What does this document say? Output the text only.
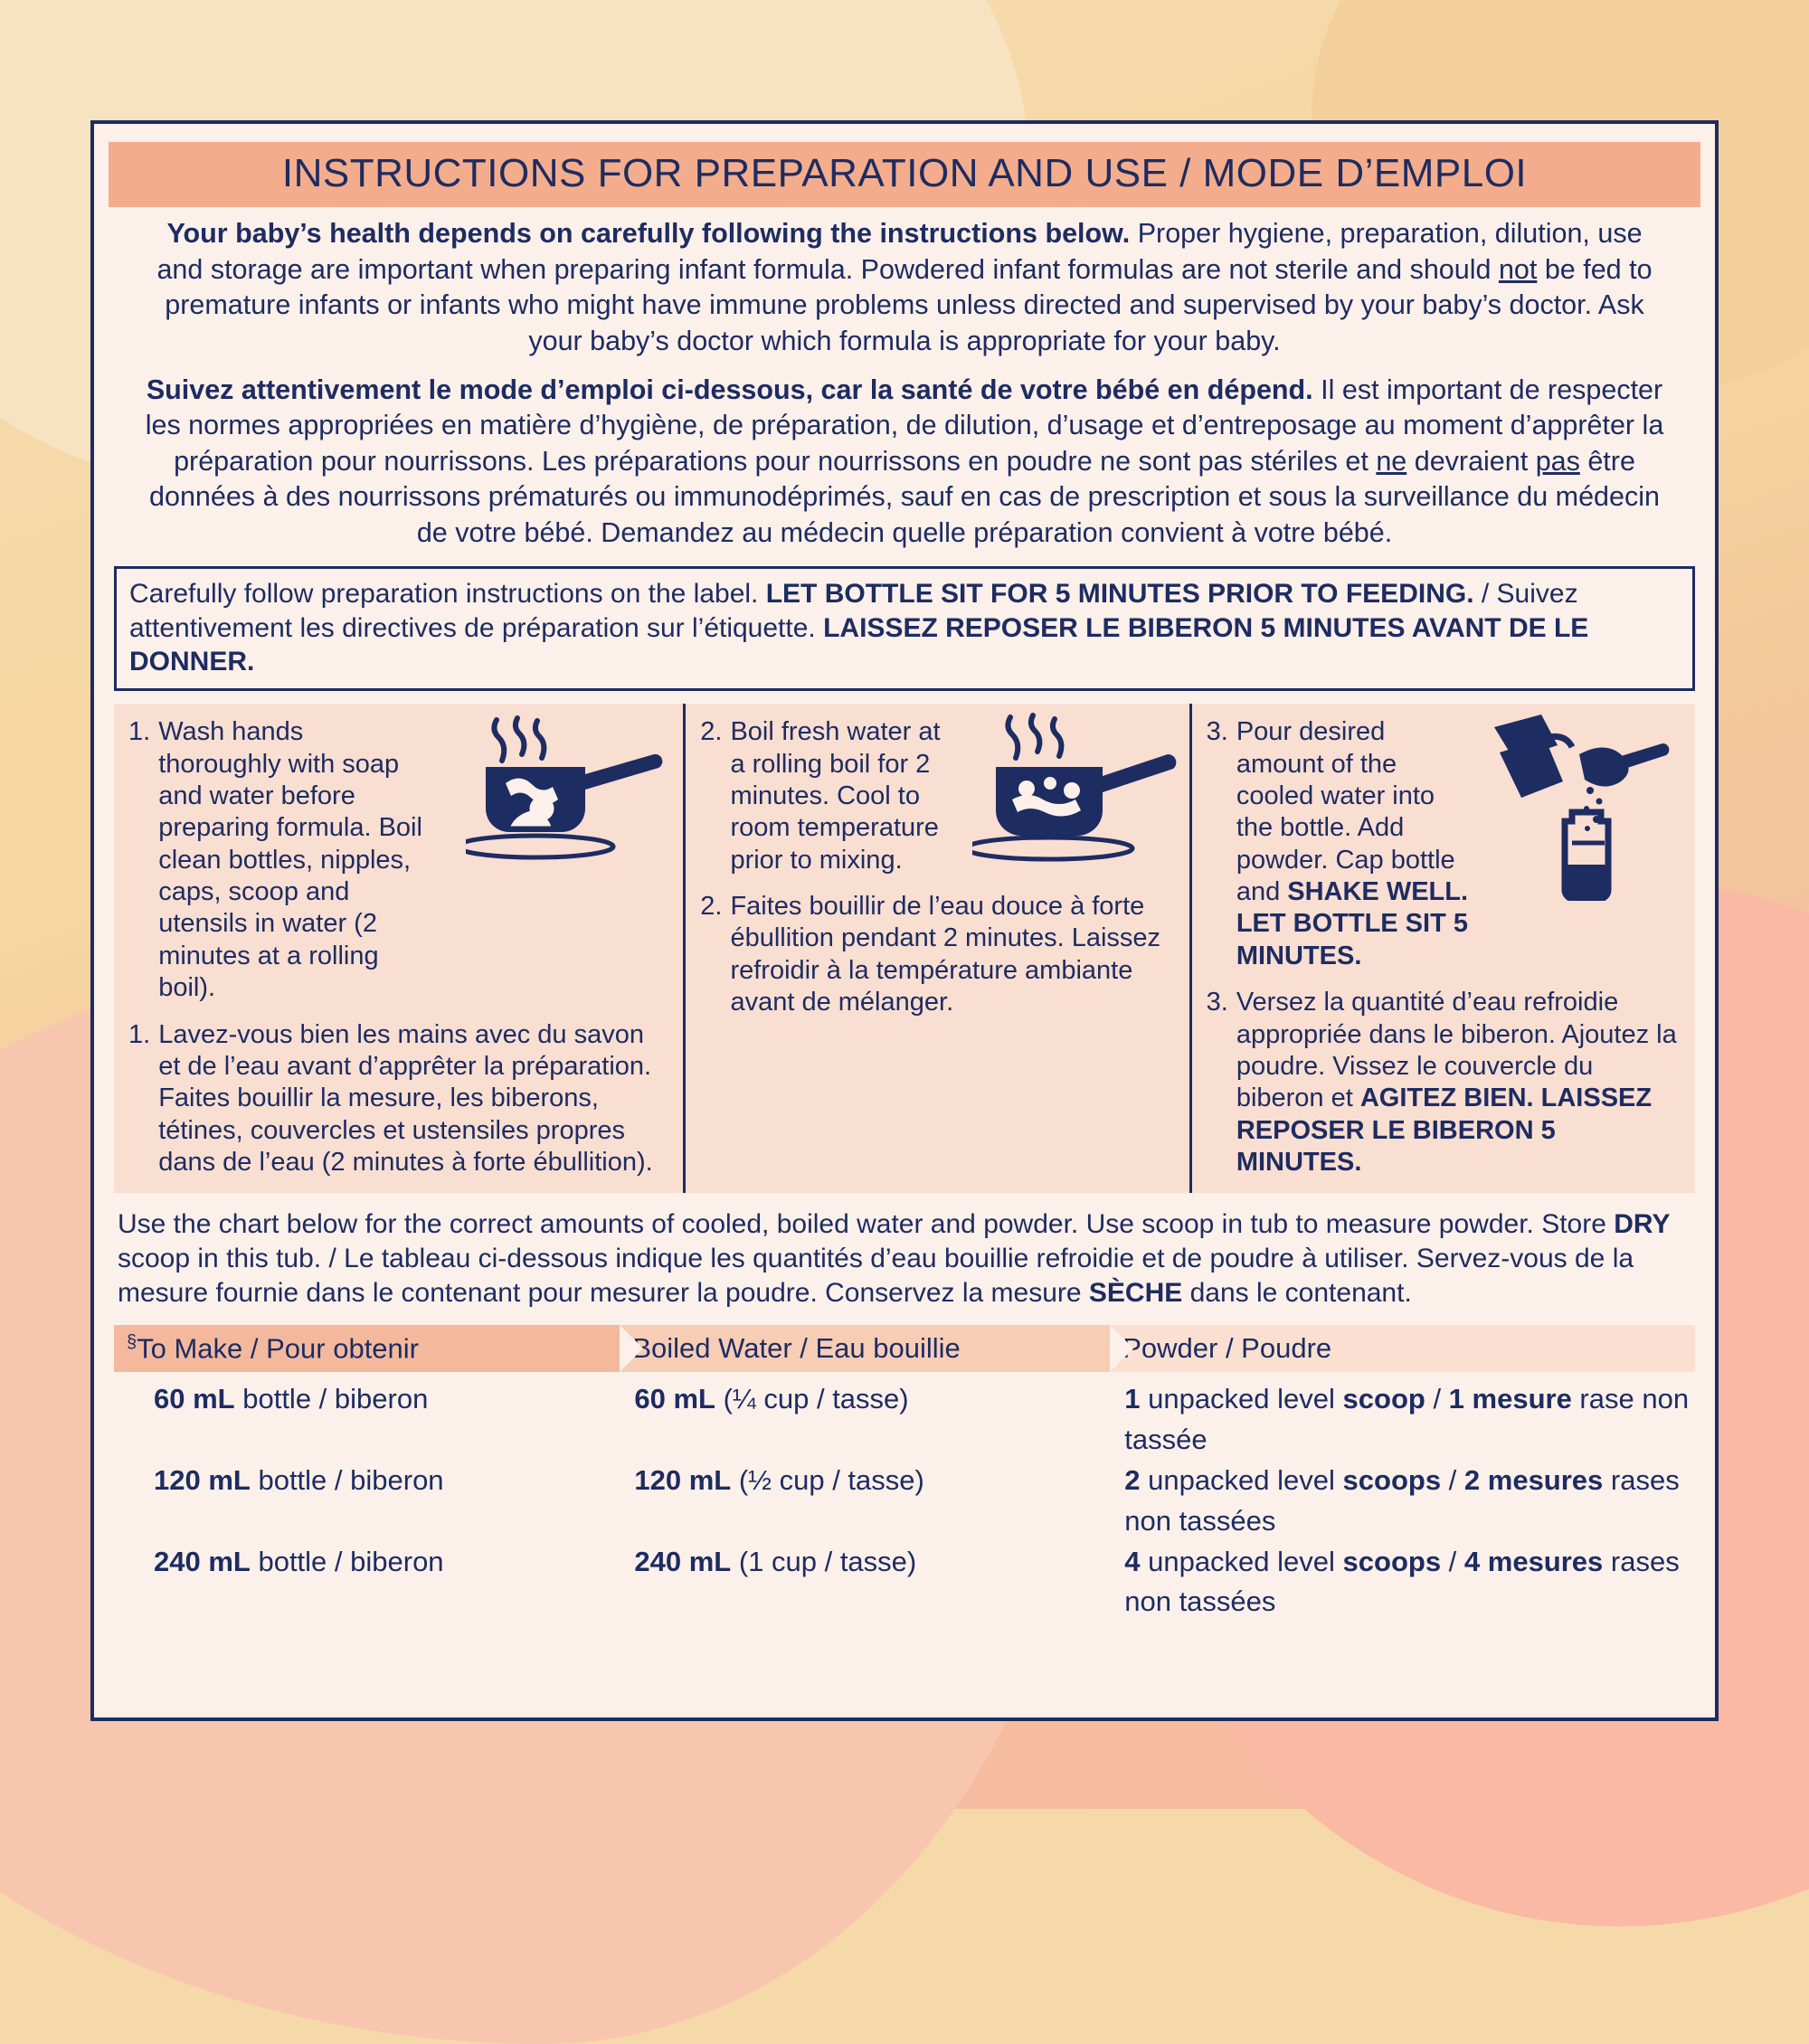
INSTRUCTIONS FOR PREPARATION AND USE / MODE D’EMPLOI

Your baby’s health depends on carefully following the instructions below. Proper hygiene, preparation, dilution, use and storage are important when preparing infant formula. Powdered infant formulas are not sterile and should not be fed to premature infants or infants who might have immune problems unless directed and supervised by your baby’s doctor. Ask your baby’s doctor which formula is appropriate for your baby.

Suivez attentivement le mode d’emploi ci-dessous, car la santé de votre bébé en dépend. Il est important de respecter les normes appropriées en matière d’hygiène, de préparation, de dilution, d’usage et d’entreposage au moment d’apprêter la préparation pour nourrissons. Les préparations pour nourrissons en poudre ne sont pas stériles et ne devraient pas être données à des nourrissons prématurés ou immunodéprimés, sauf en cas de prescription et sous la surveillance du médecin de votre bébé. Demandez au médecin quelle préparation convient à votre bébé.

Carefully follow preparation instructions on the label. LET BOTTLE SIT FOR 5 MINUTES PRIOR TO FEEDING. / Suivez attentivement les directives de préparation sur l’étiquette. LAISSEZ REPOSER LE BIBERON 5 MINUTES AVANT DE LE DONNER.
1. Wash hands thoroughly with soap and water before preparing formula. Boil clean bottles, nipples, caps, scoop and utensils in water (2 minutes at a rolling boil).
1. Lavez-vous bien les mains avec du savon et de l’eau avant d’apprêter la préparation. Faites bouillir la mesure, les biberons, tétines, couvercles et ustensiles propres dans de l’eau (2 minutes à forte ébullition).
2. Boil fresh water at a rolling boil for 2 minutes. Cool to room temperature prior to mixing.
2. Faites bouillir de l’eau douce à forte ébullition pendant 2 minutes. Laissez refroidir à la température ambiante avant de mélanger.
3. Pour desired amount of the cooled water into the bottle. Add powder. Cap bottle and SHAKE WELL. LET BOTTLE SIT 5 MINUTES.
3. Versez la quantité d’eau refroidie appropriée dans le biberon. Ajoutez la poudre. Vissez le couvercle du biberon et AGITEZ BIEN. LAISSEZ REPOSER LE BIBERON 5 MINUTES.
Use the chart below for the correct amounts of cooled, boiled water and powder. Use scoop in tub to measure powder. Store DRY scoop in this tub. / Le tableau ci-dessous indique les quantités d’eau bouillie refroidie et de poudre à utiliser. Servez-vous de la mesure fournie dans le contenant pour mesurer la poudre. Conservez la mesure SÈCHE dans le contenant.
§To Make / Pour obtenir	Boiled Water / Eau bouillie	Powder / Poudre
60 mL bottle / biberon	60 mL (¼ cup / tasse)	1 unpacked level scoop / 1 mesure rase non tassée
120 mL bottle / biberon	120 mL (½ cup / tasse)	2 unpacked level scoops / 2 mesures rases non tassées
240 mL bottle / biberon	240 mL (1 cup / tasse)	4 unpacked level scoops / 4 mesures rases non tassées
